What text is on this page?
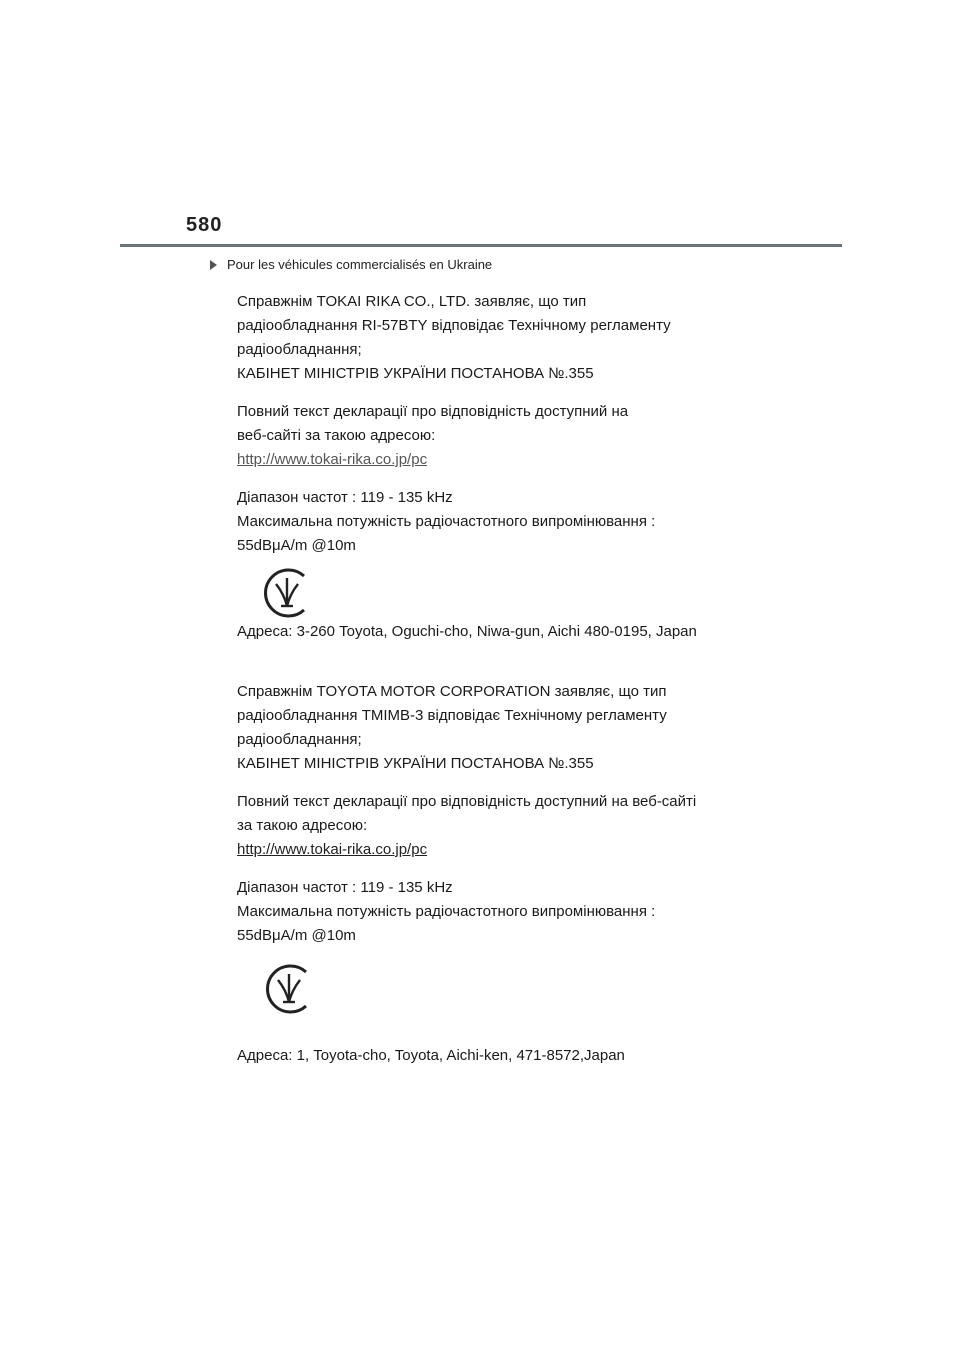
580
Pour les véhicules commercialisés en Ukraine

Справжнім TOKAI RIKA CO., LTD. заявляє, що тип

радіообладнання RI-57BTY відповідає Технічному регламенту

радіообладнання;

КАБІНЕТ МІНІСТРІВ УКРАЇНИ ПОСТАНОВА №.355

Повний текст декларації про відповідність доступний на

веб-сайті за такою адресою:

http://www.tokai-rika.co.jp/pc

Діапазон частот : 119 - 135 kHz

Максимальна потужність радіочастотного випромінювання :

55dBμA/m @10m

Адреса: 3-260 Toyota, Oguchi-cho, Niwa-gun, Aichi 480-0195, Japan

Справжнім TOYOTA MOTOR CORPORATION заявляє, що тип

радіообладнання TMIMB-3 відповідає Технічному регламенту

радіообладнання;

КАБІНЕТ МІНІСТРІВ УКРАЇНИ ПОСТАНОВА №.355

Повний текст декларації про відповідність доступний на веб-сайті

за такою адресою:

http://www.tokai-rika.co.jp/pc

Діапазон частот : 119 - 135 kHz

Максимальна потужність радіочастотного випромінювання :

55dBμA/m @10m

Адреса: 1, Toyota-cho, Toyota, Aichi-ken, 471-8572,Japan
